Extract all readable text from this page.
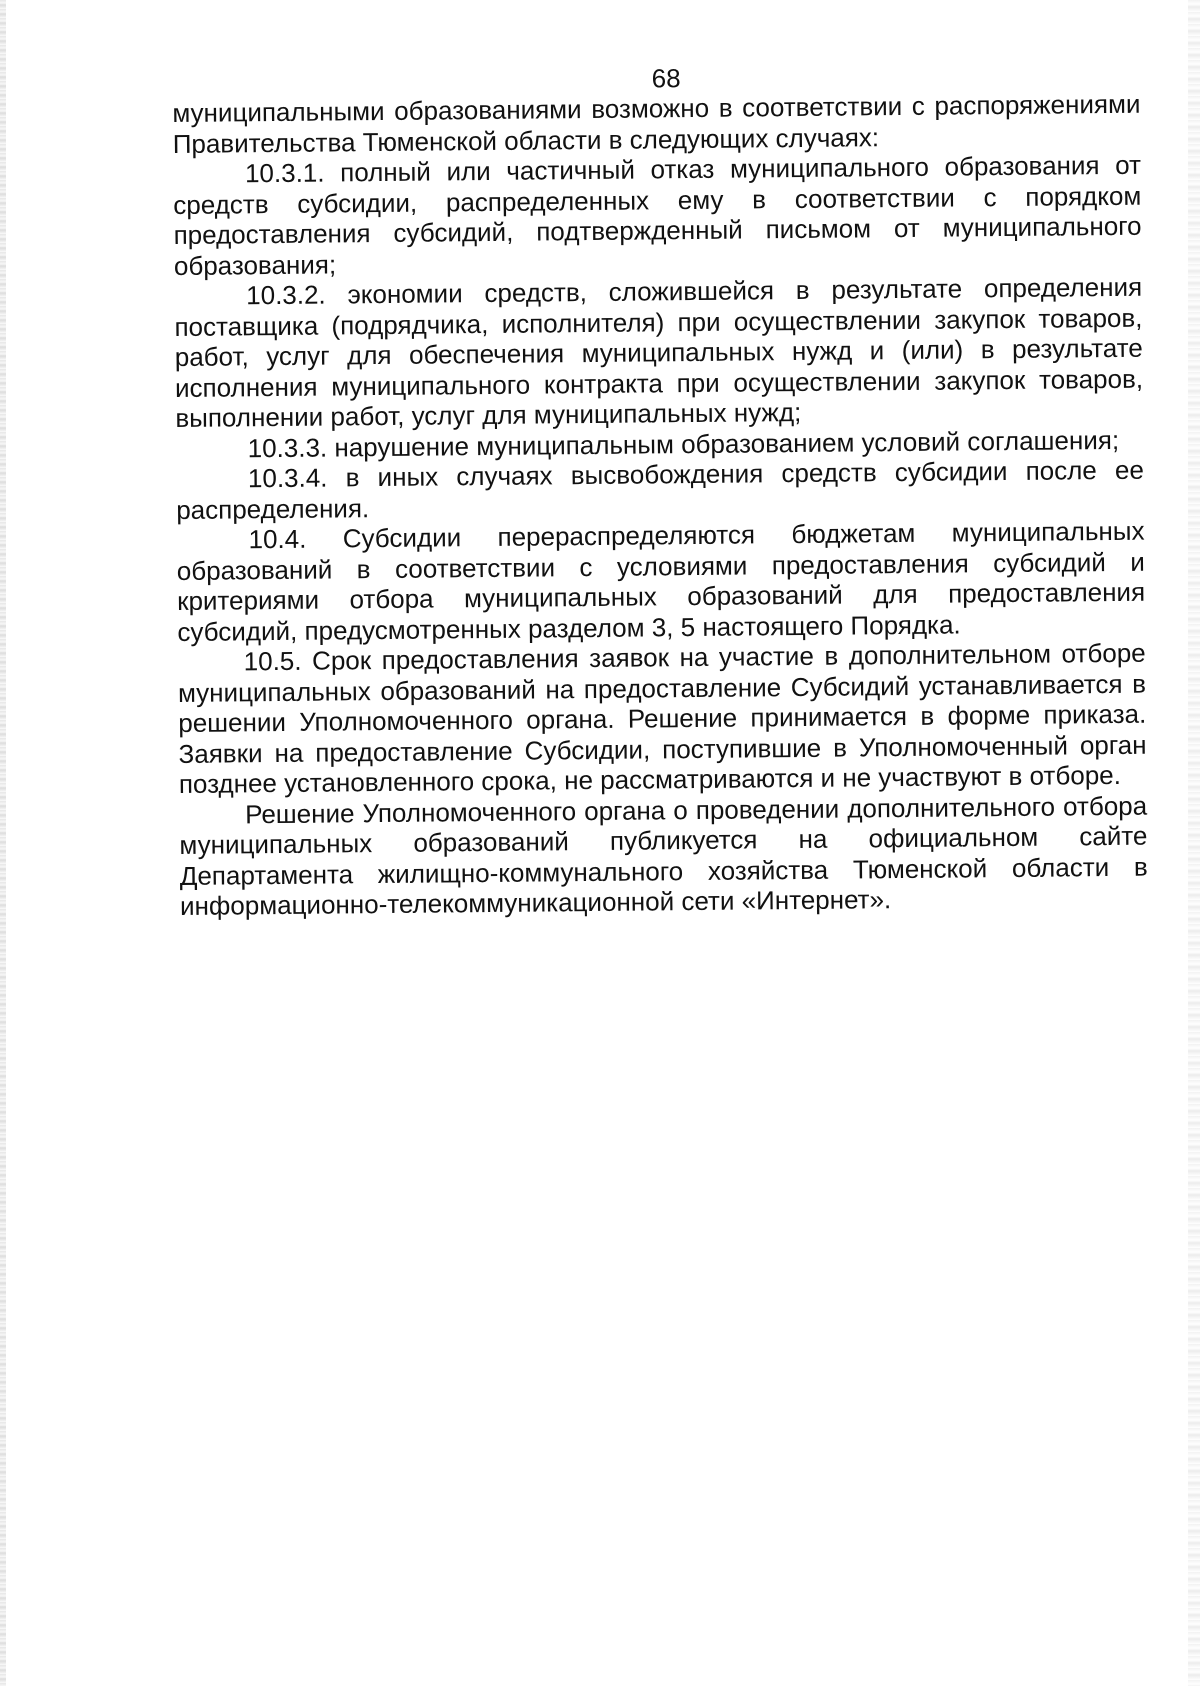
68

муниципальными образованиями возможно в соответствии с распоряжениями Правительства Тюменской области в следующих случаях:

10.3.1. полный или частичный отказ муниципального образования от средств субсидии, распределенных ему в соответствии с порядком предоставления субсидий, подтвержденный письмом от муниципального образования;

10.3.2. экономии средств, сложившейся в результате определения поставщика (подрядчика, исполнителя) при осуществлении закупок товаров, работ, услуг для обеспечения муниципальных нужд и (или) в результате исполнения муниципального контракта при осуществлении закупок товаров, выполнении работ, услуг для муниципальных нужд;

10.3.3. нарушение муниципальным образованием условий соглашения;

10.3.4. в иных случаях высвобождения средств субсидии после ее распределения.

10.4. Субсидии перераспределяются бюджетам муниципальных образований в соответствии с условиями предоставления субсидий и критериями отбора муниципальных образований для предоставления субсидий, предусмотренных разделом 3, 5 настоящего Порядка.

10.5. Срок предоставления заявок на участие в дополнительном отборе муниципальных образований на предоставление Субсидий устанавливается в решении Уполномоченного органа. Решение принимается в форме приказа. Заявки на предоставление Субсидии, поступившие в Уполномоченный орган позднее установленного срока, не рассматриваются и не участвуют в отборе.

Решение Уполномоченного органа о проведении дополнительного отбора муниципальных образований публикуется на официальном сайте Департамента жилищно-коммунального хозяйства Тюменской области в информационно-телекоммуникационной сети «Интернет».
